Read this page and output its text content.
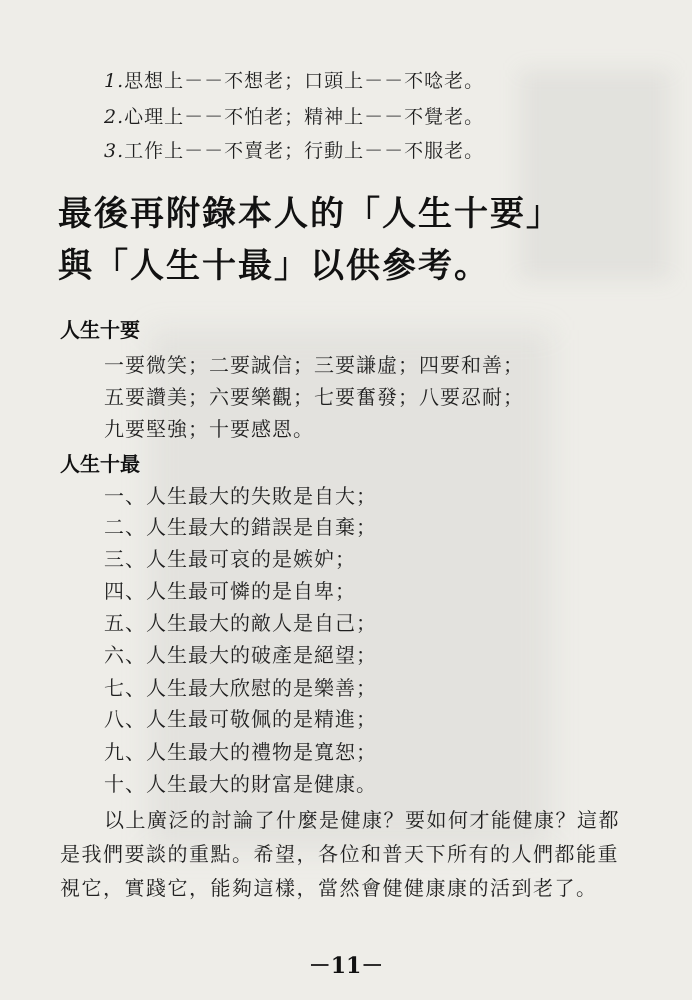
1.思想上－－不想老；口頭上－－不唸老。
2.心理上－－不怕老；精神上－－不覺老。
3.工作上－－不賣老；行動上－－不服老。
最後再附錄本人的「人生十要」
與「人生十最」以供參考。
人生十要
一要微笑；二要誠信；三要謙虛；四要和善；
五要讚美；六要樂觀；七要奮發；八要忍耐；
九要堅強；十要感恩。
人生十最
一、人生最大的失敗是自大；
二、人生最大的錯誤是自棄；
三、人生最可哀的是嫉妒；
四、人生最可憐的是自卑；
五、人生最大的敵人是自己；
六、人生最大的破產是絕望；
七、人生最大欣慰的是樂善；
八、人生最可敬佩的是精進；
九、人生最大的禮物是寬恕；
十、人生最大的財富是健康。
以上廣泛的討論了什麼是健康？要如何才能健康？這都
是我們要談的重點。希望，各位和普天下所有的人們都能重
視它，實踐它，能夠這樣，當然會健健康康的活到老了。
－11－
